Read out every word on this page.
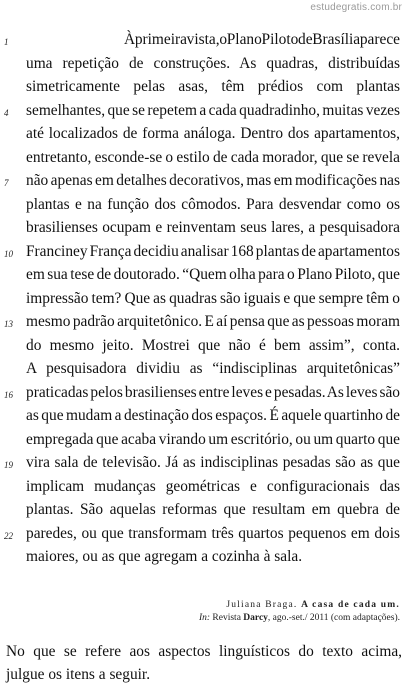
estudegratis.com.br
1	À primeira vista, o Plano Piloto de Brasília parece
uma repetição de construções. As quadras, distribuídas
simetricamente pelas asas, têm prédios com plantas
4 semelhantes, que se repetem a cada quadradinho, muitas vezes
até localizados de forma análoga. Dentro dos apartamentos,
entretanto, esconde-se o estilo de cada morador, que se revela
7 não apenas em detalhes decorativos, mas em modificações nas
plantas e na função dos cômodos. Para desvendar como os
brasilienses ocupam e reinventam seus lares, a pesquisadora
10 Franciney França decidiu analisar 168 plantas de apartamentos
em sua tese de doutorado. “Quem olha para o Plano Piloto, que
impressão tem? Que as quadras são iguais e que sempre têm o
13 mesmo padrão arquitetônico. E aí pensa que as pessoas moram
do mesmo jeito. Mostrei que não é bem assim”, conta.
A pesquisadora dividiu as “indisciplinas arquitetônicas”
16 praticadas pelos brasilienses entre leves e pesadas. As leves são
as que mudam a destinação dos espaços. É aquele quartinho de
empregada que acaba virando um escritório, ou um quarto que
19 vira sala de televisão. Já as indisciplinas pesadas são as que
implicam mudanças geométricas e configuracionais das
plantas. São aquelas reformas que resultam em quebra de
22 paredes, ou que transformam três quartos pequenos em dois
maiores, ou as que agregam a cozinha à sala.
Juliana Braga. A casa de cada um.
In: Revista Darcy, ago.-set./ 2011 (com adaptações).
No que se refere aos aspectos linguísticos do texto acima,
julgue os itens a seguir.
